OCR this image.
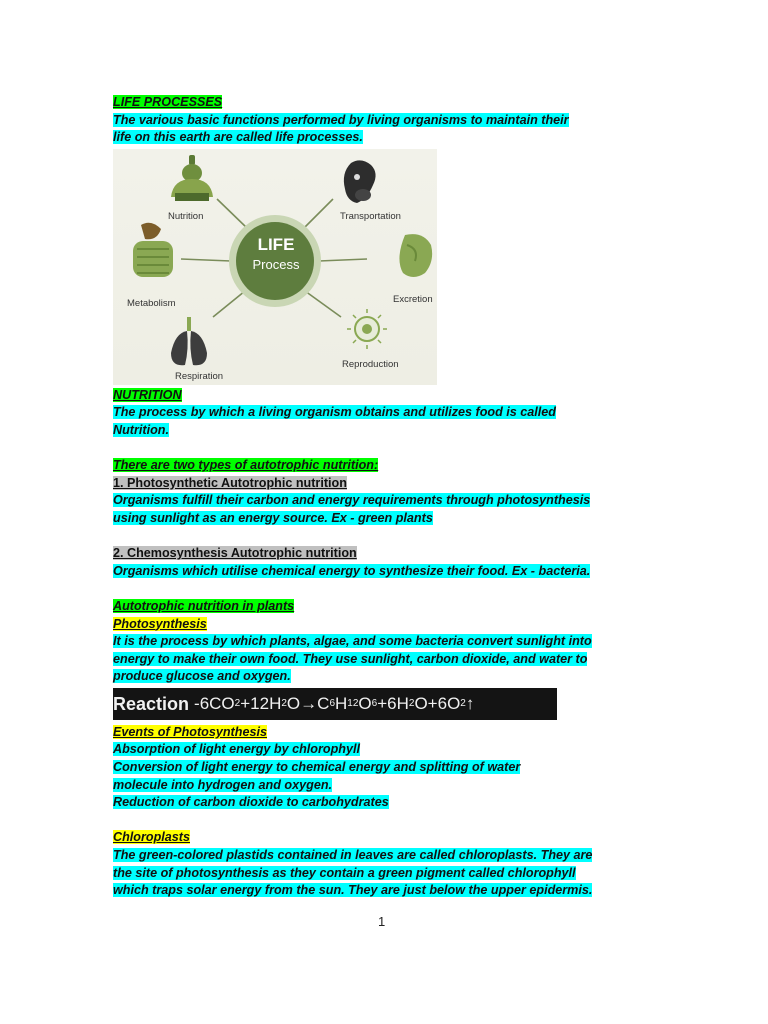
LIFE PROCESSES
The various basic functions performed by living organisms to maintain their
life on this earth are called life processes.
LIFE
Process
Nutrition	Transportation
Metabolism	Excretion
Respiration
Reproduction
NUTRITION
The process by which a living organism obtains and utilizes food is called
Nutrition.
There are two types of autotrophic nutrition:
1. Photosynthetic Autotrophic nutrition
Organisms fulfill their carbon and energy requirements through photosynthesis
using sunlight as an energy source. Ex - green plants
2. Chemosynthesis Autotrophic nutrition
Organisms which utilise chemical energy to synthesize their food. Ex - bacteria.
Autotrophic nutrition in plants
Photosynthesis
It is the process by which plants, algae, and some bacteria convert sunlight into
energy to make their own food. They use sunlight, carbon dioxide, and water to
produce glucose and oxygen.
Reaction - 6CO 2 + 12H 2 O → C 6 H 12 O 6 + 6H 2 O + 6O 2 ↑
Events of Photosynthesis
Absorption of light energy by chlorophyll
Conversion of light energy to chemical energy and splitting of water
molecule into hydrogen and oxygen.
Reduction of carbon dioxide to carbohydrates
Chloroplasts
The green-colored plastids contained in leaves are called chloroplasts. They are
the site of photosynthesis as they contain a green pigment called chlorophyll
which traps solar energy from the sun. They are just below the upper epidermis.
1
